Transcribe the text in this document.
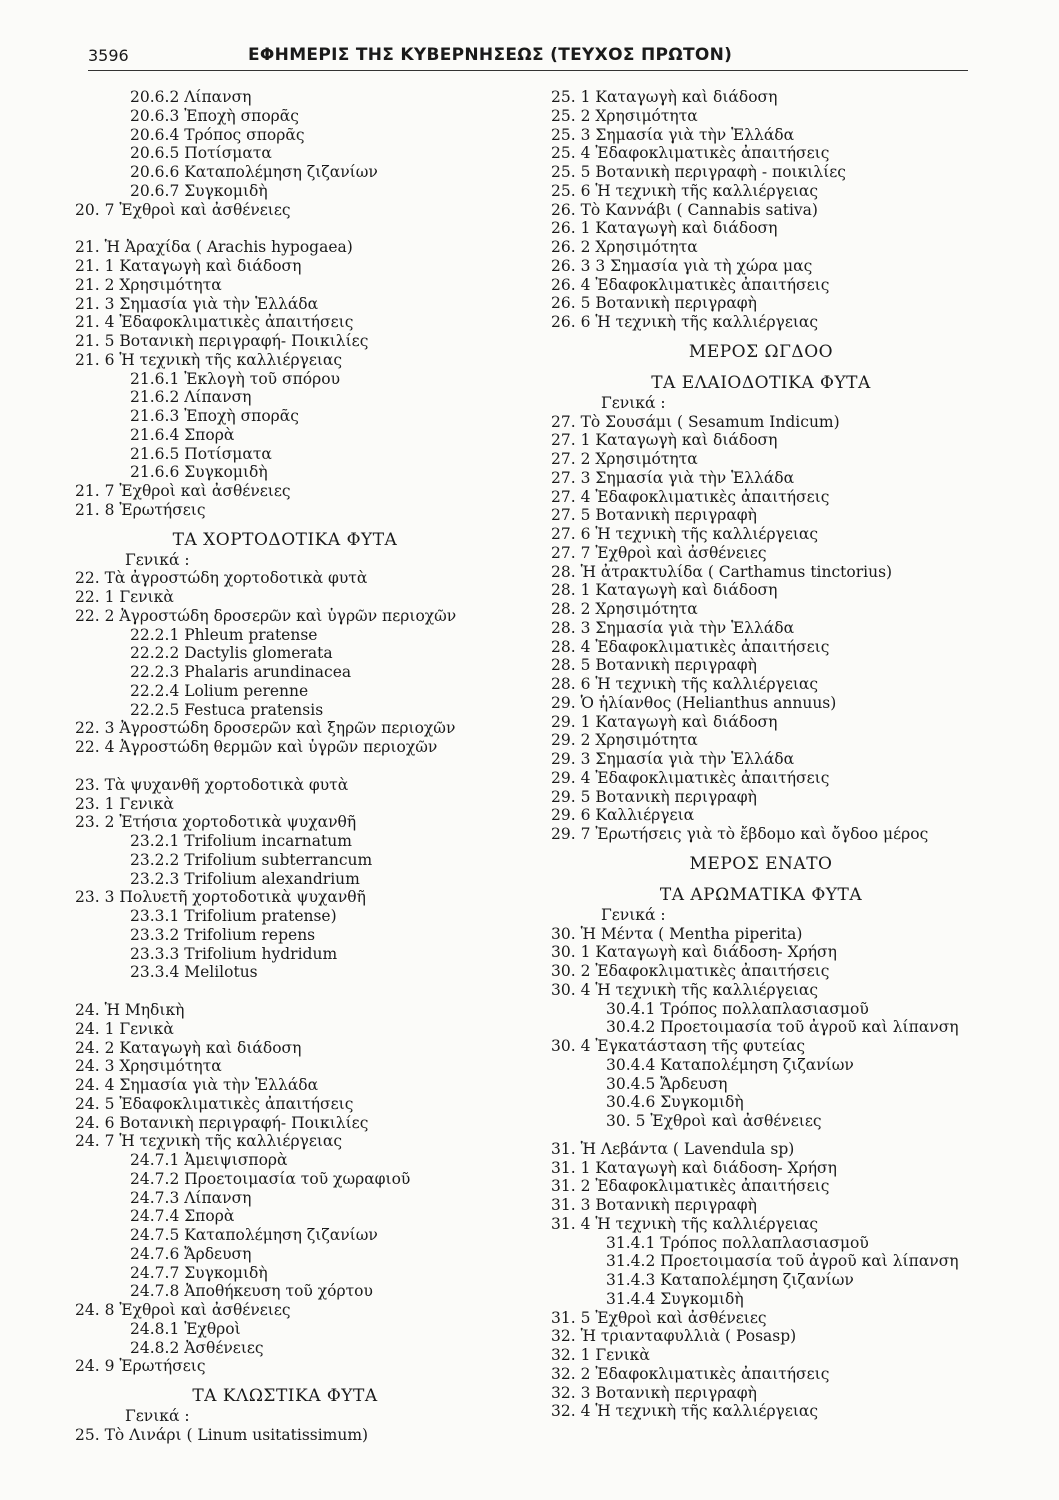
3596	ΕΦΗΜΕΡΙΣ ΤΗΣ ΚΥΒΕΡΝΗΣΕΩΣ (ΤΕΥΧΟΣ ΠΡΩΤΟΝ)
20.6.2 Λίπανση
20.6.3 Ἐποχὴ σπορᾶς
20.6.4 Τρόπος σπορᾶς
20.6.5 Ποτίσματα
20.6.6 Καταπολέμηση ζιζανίων
20.6.7 Συγκομιδὴ
20. 7 Ἐχθροὶ καὶ ἀσθένειες
21. Ἡ Ἀραχίδα ( Arachis hypogaea)
21. 1 Καταγωγὴ καὶ διάδοση
21. 2 Χρησιμότητα
21. 3 Σημασία γιὰ τὴν Ἑλλάδα
21. 4 Ἐδαφοκλιματικὲς ἀπαιτήσεις
21. 5 Βοτανικὴ περιγραφή- Ποικιλίες
21. 6 Ἡ τεχνικὴ τῆς καλλιέργειας
21.6.1 Ἐκλογὴ τοῦ σπόρου
21.6.2 Λίπανση
21.6.3 Ἐποχὴ σπορᾶς
21.6.4 Σπορὰ
21.6.5 Ποτίσματα
21.6.6 Συγκομιδὴ
21. 7 Ἐχθροὶ καὶ ἀσθένειες
21. 8 Ἐρωτήσεις
ΤΑ ΧΟΡΤΟΔΟΤΙΚΑ ΦΥΤΑ
Γενικά :
22. Τὰ ἀγροστώδη χορτοδοτικὰ φυτὰ
22. 1 Γενικὰ
22. 2 Ἀγροστώδη δροσερῶν καὶ ὑγρῶν περιοχῶν
22.2.1 Phleum pratense
22.2.2 Dactylis glomerata
22.2.3 Phalaris arundinacea
22.2.4 Lolium perenne
22.2.5 Festuca pratensis
22. 3 Ἀγροστώδη δροσερῶν καὶ ξηρῶν περιοχῶν
22. 4 Ἀγροστώδη θερμῶν καὶ ὑγρῶν περιοχῶν
23. Τὰ ψυχανθῆ χορτοδοτικὰ φυτὰ
23. 1 Γενικὰ
23. 2 Ἐτήσια χορτοδοτικὰ ψυχανθῆ
23.2.1 Trifolium incarnatum
23.2.2 Trifolium subterrancum
23.2.3 Trifolium alexandrium
23. 3 Πολυετῆ χορτοδοτικὰ ψυχανθῆ
23.3.1 Trifolium pratense)
23.3.2 Trifolium repens
23.3.3 Trifolium hydridum
23.3.4 Melilotus
24. Ἡ Μηδικὴ
24. 1 Γενικὰ
24. 2 Καταγωγὴ καὶ διάδοση
24. 3 Χρησιμότητα
24. 4 Σημασία γιὰ τὴν Ἑλλάδα
24. 5 Ἐδαφοκλιματικὲς ἀπαιτήσεις
24. 6 Βοτανικὴ περιγραφή- Ποικιλίες
24. 7 Ἡ τεχνικὴ τῆς καλλιέργειας
24.7.1 Ἀμειψισπορὰ
24.7.2 Προετοιμασία τοῦ χωραφιοῦ
24.7.3 Λίπανση
24.7.4 Σπορὰ
24.7.5 Καταπολέμηση ζιζανίων
24.7.6 Ἄρδευση
24.7.7 Συγκομιδὴ
24.7.8 Ἀποθήκευση τοῦ χόρτου
24. 8 Ἐχθροὶ καὶ ἀσθένειες
24.8.1 Ἐχθροὶ
24.8.2 Ἀσθένειες
24. 9 Ἐρωτήσεις
ΤΑ ΚΛΩΣΤΙΚΑ ΦΥΤΑ
Γενικά :
25. Τὸ Λινάρι ( Linum usitatissimum)
25. 1 Καταγωγὴ καὶ διάδοση
25. 2 Χρησιμότητα
25. 3 Σημασία γιὰ τὴν Ἑλλάδα
25. 4 Ἐδαφοκλιματικὲς ἀπαιτήσεις
25. 5 Βοτανικὴ περιγραφὴ - ποικιλίες
25. 6 Ἡ τεχνικὴ τῆς καλλιέργειας
26. Τὸ Καννάβι ( Cannabis sativa)
26. 1 Καταγωγὴ καὶ διάδοση
26. 2 Χρησιμότητα
26. 3 3 Σημασία γιὰ τὴ χώρα μας
26. 4 Ἐδαφοκλιματικὲς ἀπαιτήσεις
26. 5 Βοτανικὴ περιγραφὴ
26. 6 Ἡ τεχνικὴ τῆς καλλιέργειας
ΜΕΡΟΣ ΩΓΔΟΟ
ΤΑ ΕΛΑΙΟΔΟΤΙΚΑ ΦΥΤΑ
Γενικά :
27. Τὸ Σουσάμι ( Sesamum Indicum)
27. 1 Καταγωγὴ καὶ διάδοση
27. 2 Χρησιμότητα
27. 3 Σημασία γιὰ τὴν Ἑλλάδα
27. 4 Ἐδαφοκλιματικὲς ἀπαιτήσεις
27. 5 Βοτανικὴ περιγραφὴ
27. 6 Ἡ τεχνικὴ τῆς καλλιέργειας
27. 7 Ἐχθροὶ καὶ ἀσθένειες
28. Ἡ ἀτρακτυλίδα ( Carthamus tinctorius)
28. 1 Καταγωγὴ καὶ διάδοση
28. 2 Χρησιμότητα
28. 3 Σημασία γιὰ τὴν Ἑλλάδα
28. 4 Ἐδαφοκλιματικὲς ἀπαιτήσεις
28. 5 Βοτανικὴ περιγραφὴ
28. 6 Ἡ τεχνικὴ τῆς καλλιέργειας
29. Ὁ ἡλίανθος (Helianthus annuus)
29. 1 Καταγωγὴ καὶ διάδοση
29. 2 Χρησιμότητα
29. 3 Σημασία γιὰ τὴν Ἑλλάδα
29. 4 Ἐδαφοκλιματικὲς ἀπαιτήσεις
29. 5 Βοτανικὴ περιγραφὴ
29. 6 Καλλιέργεια
29. 7 Ἐρωτήσεις γιὰ τὸ ἔβδομο καὶ ὄγδοο μέρος
ΜΕΡΟΣ ΕΝΑΤΟ
ΤΑ ΑΡΩΜΑΤΙΚΑ ΦΥΤΑ
Γενικά :
30. Ἡ Μέντα ( Mentha piperita)
30. 1 Καταγωγὴ καὶ διάδοση- Χρήση
30. 2 Ἐδαφοκλιματικὲς ἀπαιτήσεις
30. 4 Ἡ τεχνικὴ τῆς καλλιέργειας
30.4.1 Τρόπος πολλαπλασιασμοῦ
30.4.2 Προετοιμασία τοῦ ἀγροῦ καὶ λίπανση
30. 4 Ἐγκατάσταση τῆς φυτείας
30.4.4 Καταπολέμηση ζιζανίων
30.4.5 Ἄρδευση
30.4.6 Συγκομιδὴ
30. 5 Ἐχθροὶ καὶ ἀσθένειες
31. Ἡ Λεβάντα ( Lavendula sp)
31. 1 Καταγωγὴ καὶ διάδοση- Χρήση
31. 2 Ἐδαφοκλιματικὲς ἀπαιτήσεις
31. 3 Βοτανικὴ περιγραφὴ
31. 4 Ἡ τεχνικὴ τῆς καλλιέργειας
31.4.1 Τρόπος πολλαπλασιασμοῦ
31.4.2 Προετοιμασία τοῦ ἀγροῦ καὶ λίπανση
31.4.3 Καταπολέμηση ζιζανίων
31.4.4 Συγκομιδὴ
31. 5 Ἐχθροὶ καὶ ἀσθένειες
32. Ἡ τριανταφυλλιὰ ( Posasp)
32. 1 Γενικὰ
32. 2 Ἐδαφοκλιματικὲς ἀπαιτήσεις
32. 3 Βοτανικὴ περιγραφὴ
32. 4 Ἡ τεχνικὴ τῆς καλλιέργειας
